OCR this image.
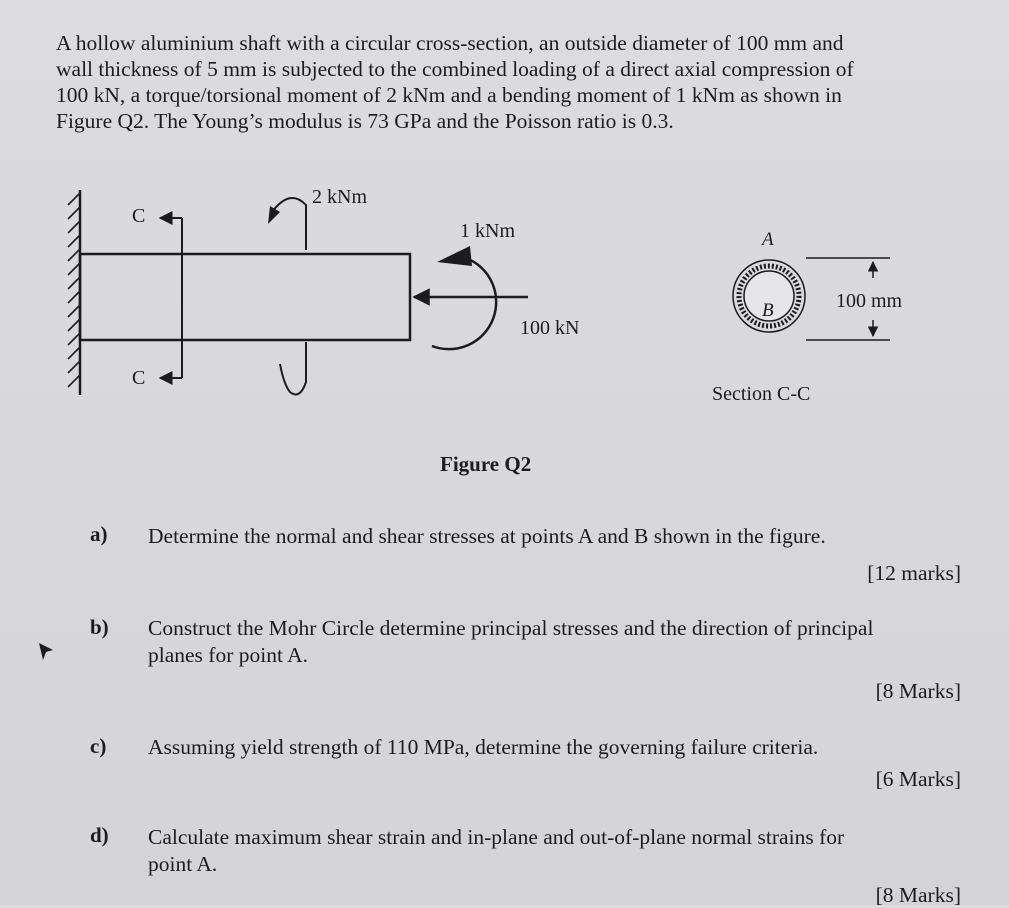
A hollow aluminium shaft with a circular cross-section, an outside diameter of 100 mm and
wall thickness of 5 mm is subjected to the combined loading of a direct axial compression of
100 kN, a torque/torsional moment of 2 kNm and a bending moment of 1 kNm as shown in
Figure Q2. The Young’s modulus is 73 GPa and the Poisson ratio is 0.3.
C
C
2 kNm
1 kNm
100 kN
A
B	100 mm
Section C-C
Figure Q2
a) Determine the normal and shear stresses at points A and B shown in the figure.
[12 marks]
b) Construct the Mohr Circle determine principal stresses and the direction of principal
planes for point A.
[8 Marks]
c) Assuming yield strength of 110 MPa, determine the governing failure criteria.
[6 Marks]
d) Calculate maximum shear strain and in-plane and out-of-plane normal strains for
point A.
[8 Marks]
